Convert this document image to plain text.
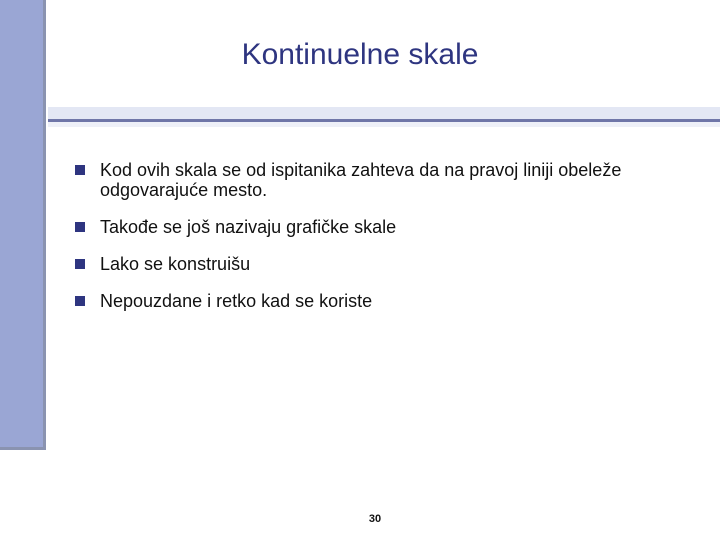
Kontinuelne skale
Kod ovih skala se od ispitanika zahteva da na pravoj liniji obeleže odgovarajuće mesto.
Takođe se još nazivaju grafičke skale
Lako se konstruišu
Nepouzdane i retko kad se koriste
30
